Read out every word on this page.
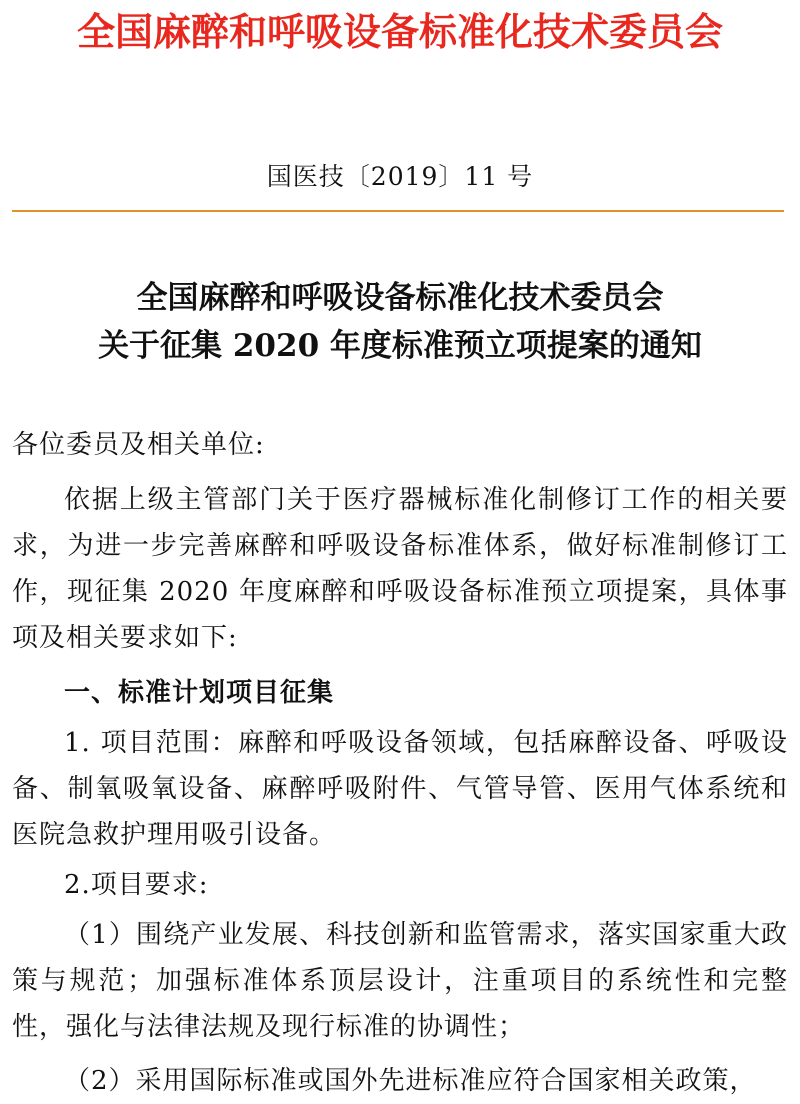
全国麻醉和呼吸设备标准化技术委员会
国医技〔2019〕11 号
全国麻醉和呼吸设备标准化技术委员会
关于征集 2020 年度标准预立项提案的通知
各位委员及相关单位:
依据上级主管部门关于医疗器械标准化制修订工作的相关要求，为进一步完善麻醉和呼吸设备标准体系，做好标准制修订工作，现征集 2020 年度麻醉和呼吸设备标准预立项提案，具体事项及相关要求如下:
一、标准计划项目征集
1. 项目范围：麻醉和呼吸设备领域，包括麻醉设备、呼吸设备、制氧吸氧设备、麻醉呼吸附件、气管导管、医用气体系统和医院急救护理用吸引设备。
2.项目要求:
（1）围绕产业发展、科技创新和监管需求，落实国家重大政策与规范；加强标准体系顶层设计，注重项目的系统性和完整性，强化与法律法规及现行标准的协调性；
（2）采用国际标准或国外先进标准应符合国家相关政策，
